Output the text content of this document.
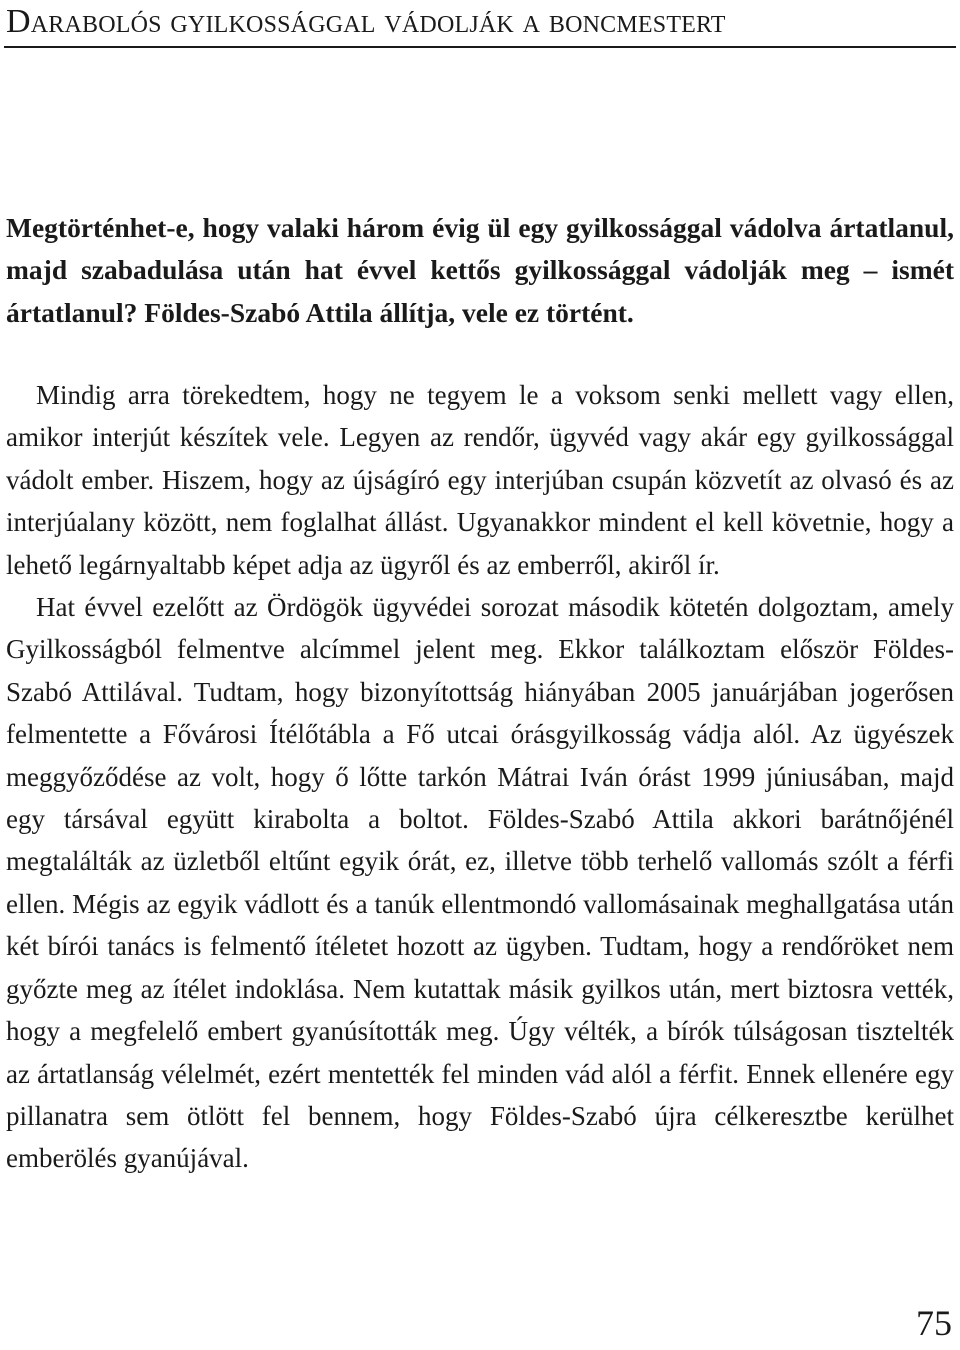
Darabolós gyilkossággal vádolják a boncmestert

Megtörténhet-e, hogy valaki három évig ül egy gyilkossággal vádolva ártatlanul, majd szabadulása után hat évvel kettős gyilkossággal vádolják meg – ismét ártatlanul? Földes-Szabó Attila állítja, vele ez történt.

Mindig arra törekedtem, hogy ne tegyem le a voksom senki mellett vagy ellen, amikor interjút készítek vele. Legyen az rendőr, ügyvéd vagy akár egy gyilkossággal vádolt ember. Hiszem, hogy az újságíró egy interjúban csupán közvetít az olvasó és az interjúalany között, nem foglalhat állást. Ugyanakkor mindent el kell követnie, hogy a lehető legárnyaltabb képet adja az ügyről és az emberről, akiről ír.

Hat évvel ezelőtt az Ördögök ügyvédei sorozat második kötetén dolgoztam, amely Gyilkosságból felmentve alcímmel jelent meg. Ekkor találkoztam először Földes-Szabó Attilával. Tudtam, hogy bizonyítottság hiányában 2005 januárjában jogerősen felmentette a Fővárosi Ítélőtábla a Fő utcai órásgyilkosság vádja alól. Az ügyészek meggyőződése az volt, hogy ő lőtte tarkón Mátrai Iván órást 1999 júniusában, majd egy társával együtt kirabolta a boltot. Földes-Szabó Attila akkori barátnőjénél megtalálták az üzletből eltűnt egyik órát, ez, illetve több terhelő vallomás szólt a férfi ellen. Mégis az egyik vádlott és a tanúk ellentmondó vallomásainak meghallgatása után két bírói tanács is felmentő ítéletet hozott az ügyben. Tudtam, hogy a rendőröket nem győzte meg az ítélet indoklása. Nem kutattak másik gyilkos után, mert biztosra vették, hogy a megfelelő embert gyanúsították meg. Úgy vélték, a bírók túlságosan tisztelték az ártatlanság vélelmét, ezért mentették fel minden vád alól a férfit. Ennek ellenére egy pillanatra sem ötlött fel bennem, hogy Földes-Szabó újra célkeresztbe kerülhet emberölés gyanújával.

75
